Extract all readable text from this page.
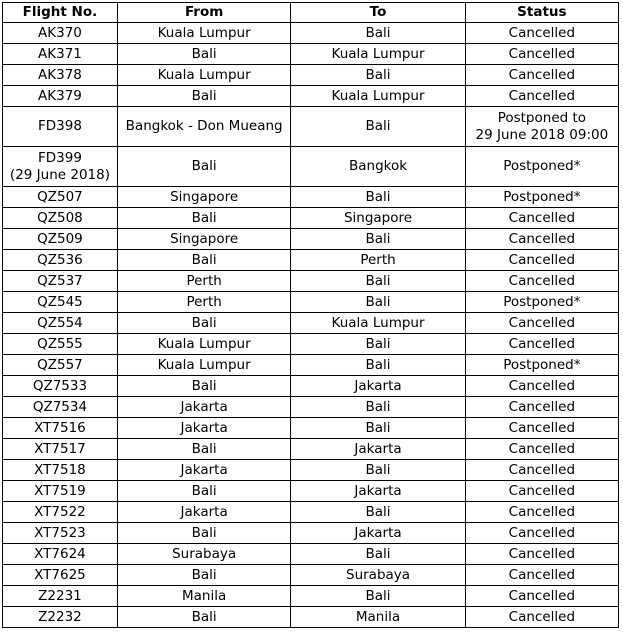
Flight No.	From	To	Status
AK370	Kuala Lumpur	Bali	Cancelled
AK371	Bali	Kuala Lumpur	Cancelled
AK378	Kuala Lumpur	Bali	Cancelled
AK379	Bali	Kuala Lumpur	Cancelled
FD398	Bangkok - Don Mueang	Bali	Postponed to
29 June 2018 09:00

FD399
(29 June 2018)	Bali	Bangkok	Postponed*
QZ507	Singapore	Bali	Postponed*
QZ508	Bali	Singapore	Cancelled
QZ509	Singapore	Bali	Cancelled
QZ536	Bali	Perth	Cancelled
QZ537	Perth	Bali	Cancelled
QZ545	Perth	Bali	Postponed*
QZ554	Bali	Kuala Lumpur	Cancelled
QZ555	Kuala Lumpur	Bali	Cancelled
QZ557	Kuala Lumpur	Bali	Postponed*
QZ7533	Bali	Jakarta	Cancelled
QZ7534	Jakarta	Bali	Cancelled
XT7516	Jakarta	Bali	Cancelled
XT7517	Bali	Jakarta	Cancelled
XT7518	Jakarta	Bali	Cancelled
XT7519	Bali	Jakarta	Cancelled
XT7522	Jakarta	Bali	Cancelled
XT7523	Bali	Jakarta	Cancelled
XT7624	Surabaya	Bali	Cancelled
XT7625	Bali	Surabaya	Cancelled
Z2231	Manila	Bali	Cancelled
Z2232	Bali	Manila	Cancelled
